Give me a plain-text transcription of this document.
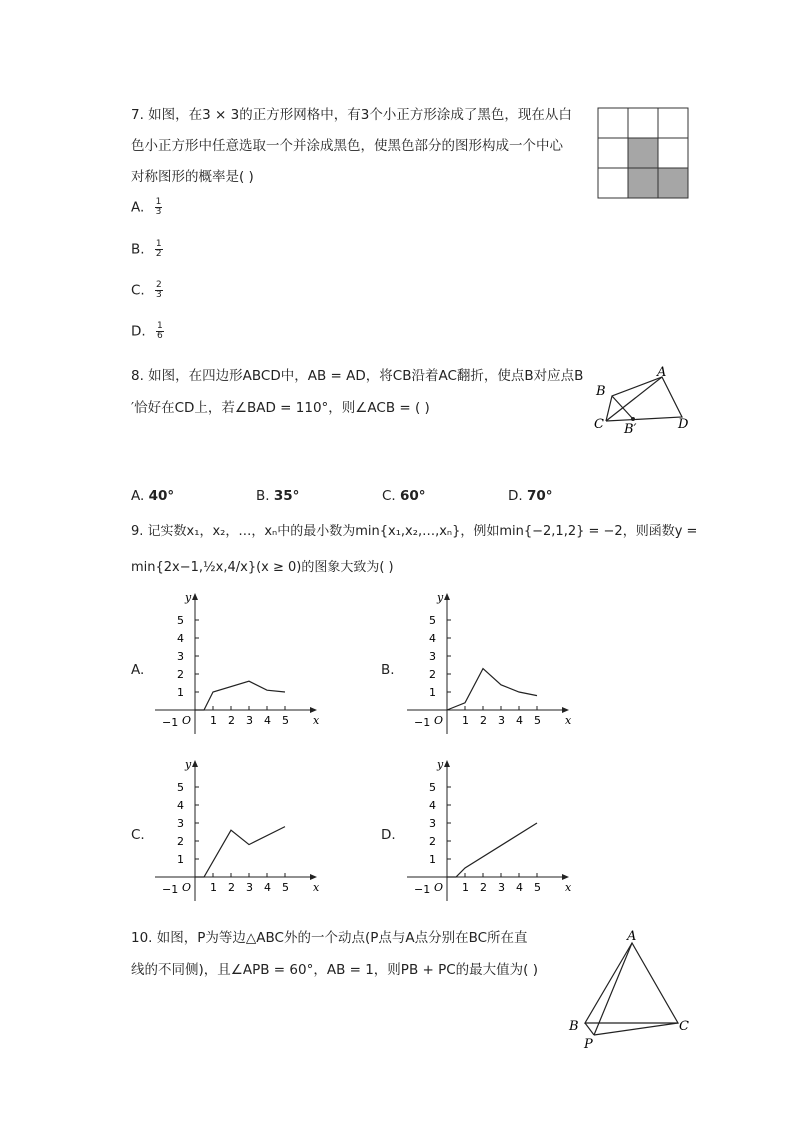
7. 如图，在3 × 3的正方形网格中，有3个小正方形涂成了黑色，现在从白
色小正方形中任意选取一个并涂成黑色，使黑色部分的图形构成一个中心
对称图形的概率是( )
A. $\frac{1}{3}$
B. $\frac{1}{2}$
C. $\frac{2}{3}$
D. $\frac{1}{6}$
8. 如图，在四边形ABCD中，AB = AD，将CB沿着AC翻折，使点B对应点B
′恰好在CD上，若∠BAD = 110°，则∠ACB = ( )
A
B
C	D
B′
A. 40°	B. 35°	C. 60°	D. 70°
9. 记实数x₁，x₂，…，xₙ中的最小数为min{x₁,x₂,…,xₙ}，例如min{−2,1,2} = −2，则函数y =
min{2x−1,½x,4/x}(x ≥ 0)的图象大致为( )
A.	B.
C.	D.
y
x
O
−1
1
2
3
4
5
1 2 3 4 5
y
x
O
−1
1
2
3
4
5
1 2 3 4 5
y
x
O
−1
1
2
3
4
5
1 2 3 4 5
y
x
O
−1
1
2
3
4
5
1 2 3 4 5
10. 如图，P为等边△ABC外的一个动点(P点与A点分别在BC所在直
线的不同侧)，且∠APB = 60°，AB = 1，则PB + PC的最大值为( )
A
B	C
P
